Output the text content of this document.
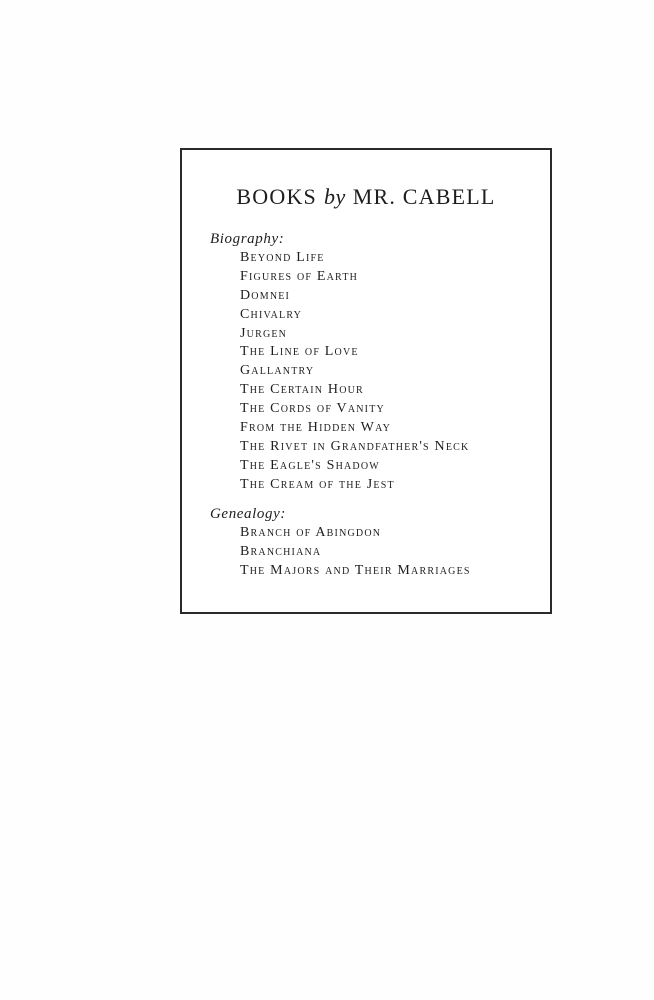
BOOKS by MR. CABELL
Biography:
Beyond Life
Figures of Earth
Domnei
Chivalry
Jurgen
The Line of Love
Gallantry
The Certain Hour
The Cords of Vanity
From the Hidden Way
The Rivet in Grandfather's Neck
The Eagle's Shadow
The Cream of the Jest
Genealogy:
Branch of Abingdon
Branchiana
The Majors and Their Marriages
